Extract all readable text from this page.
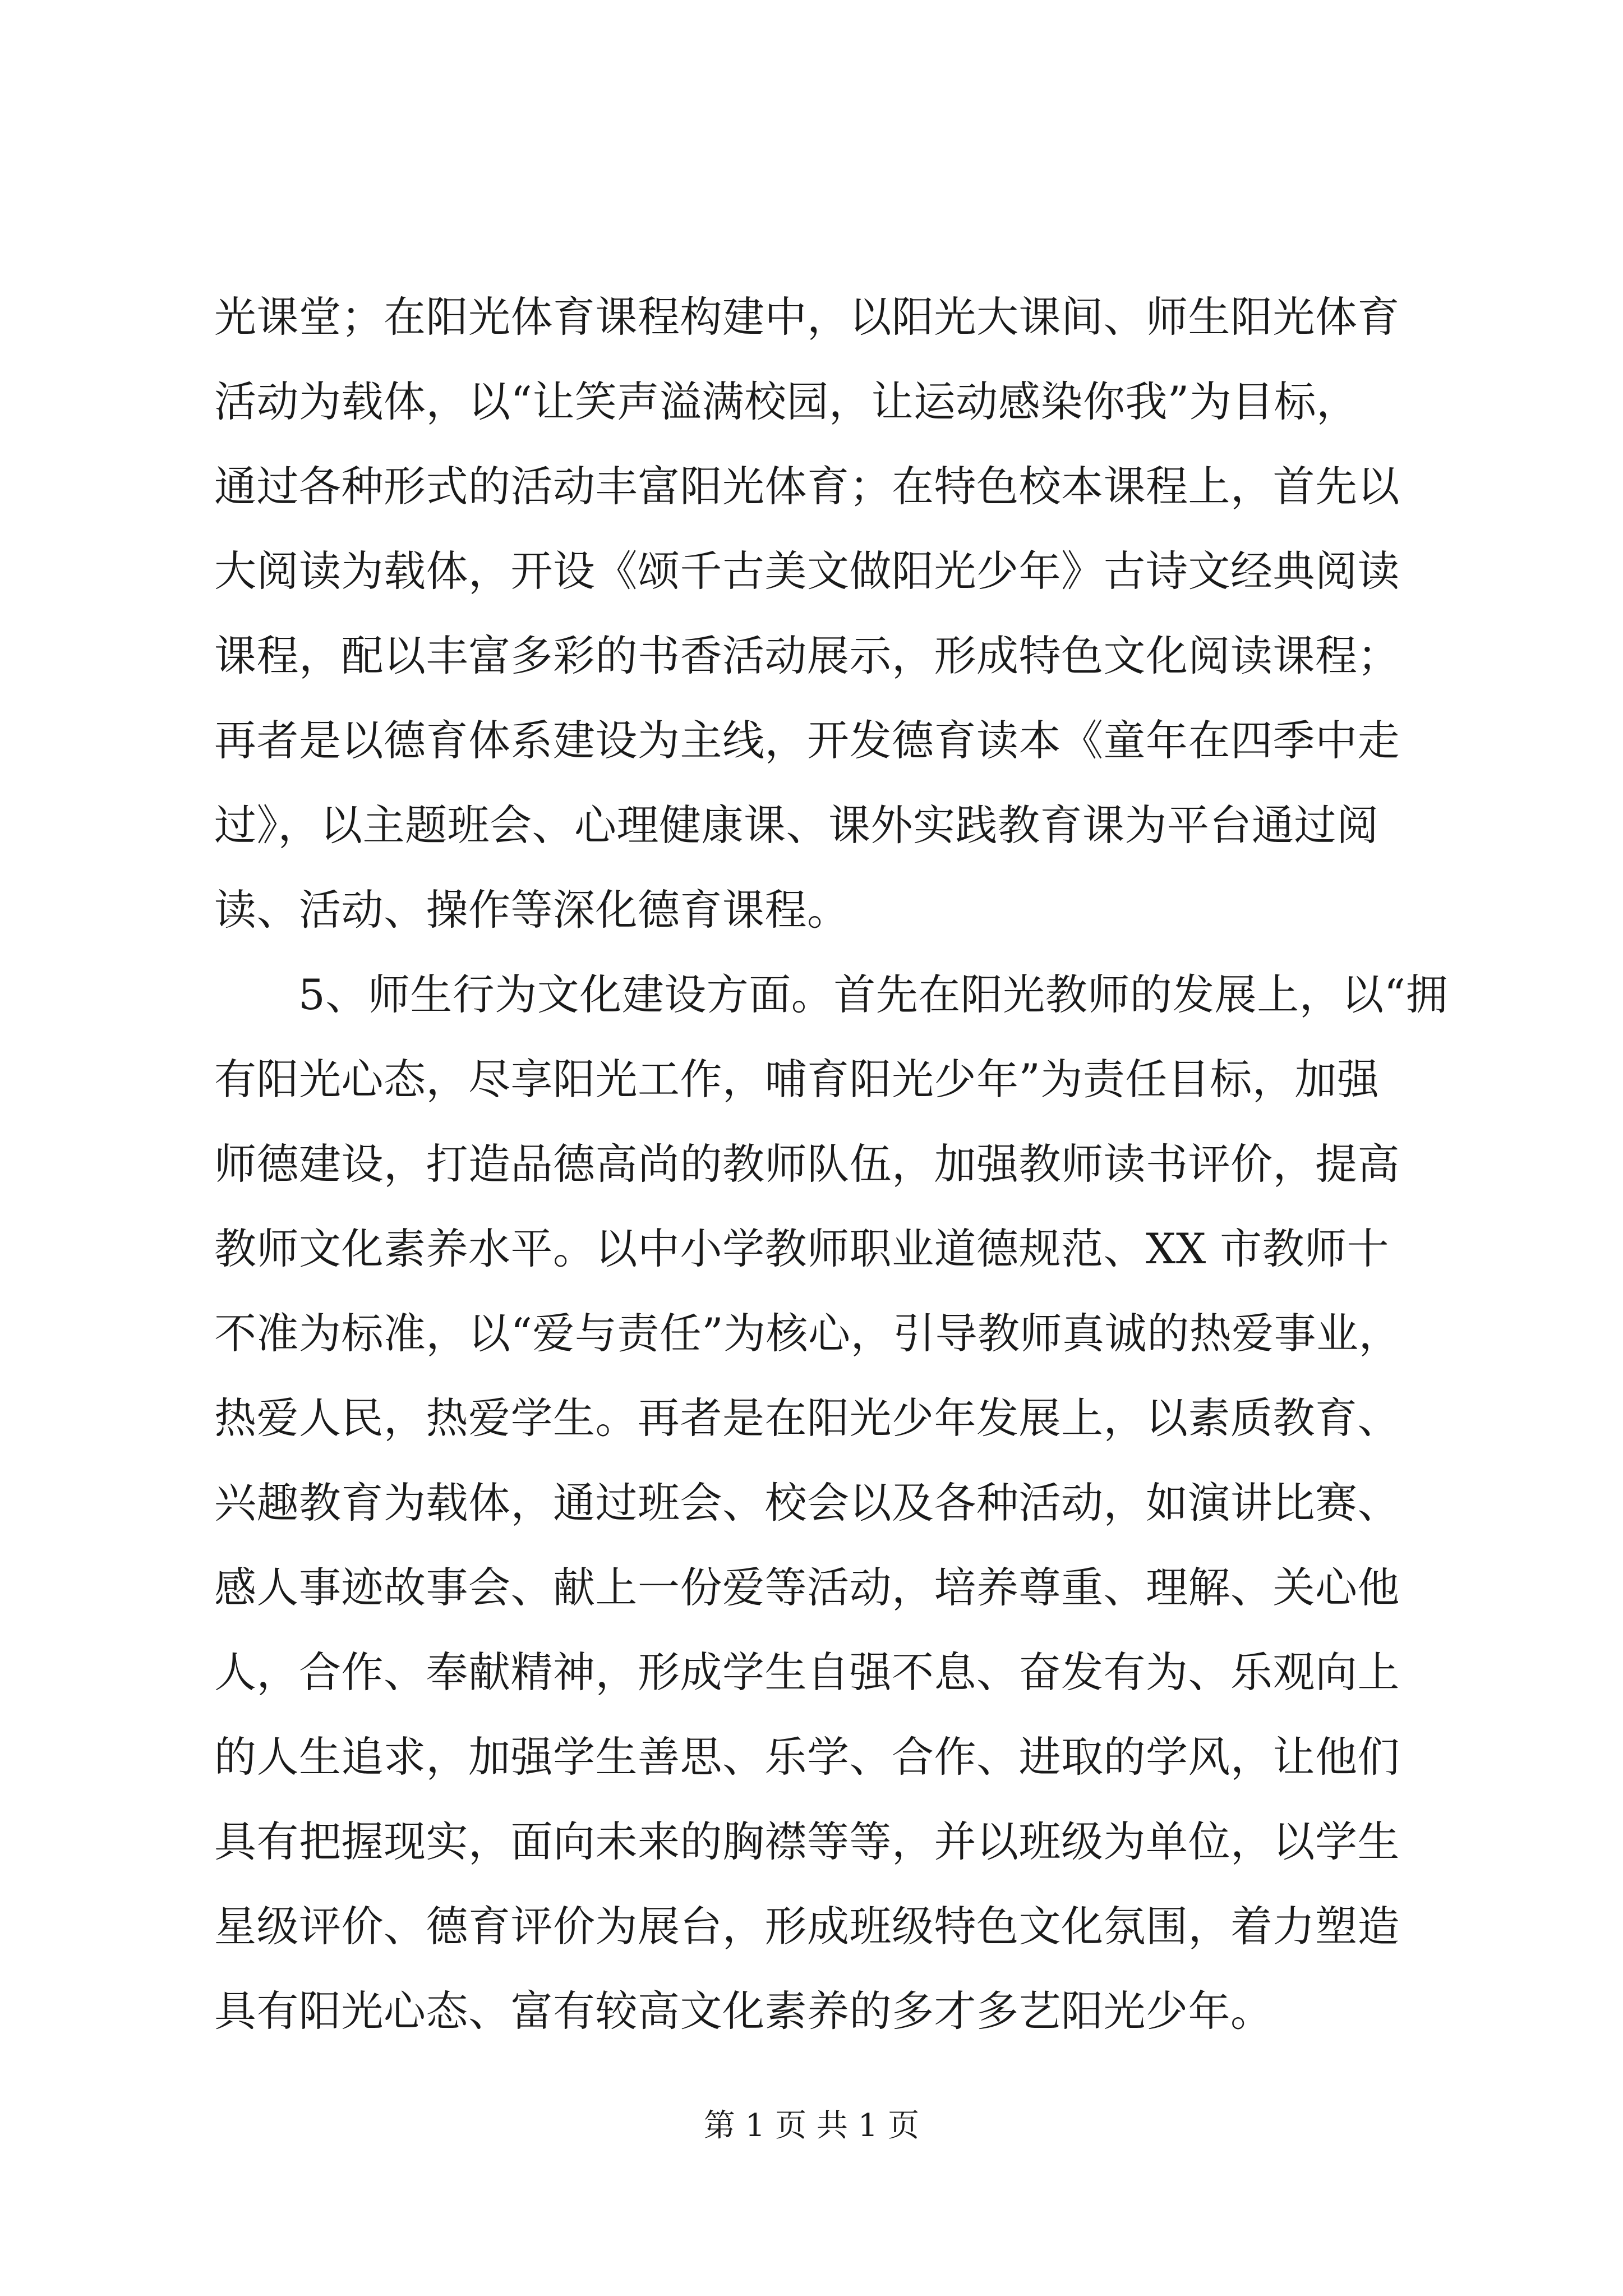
光课堂；在阳光体育课程构建中，以阳光大课间、师生阳光体育
活动为载体，以“让笑声溢满校园，让运动感染你我”为目标，
通过各种形式的活动丰富阳光体育；在特色校本课程上，首先以
大阅读为载体，开设《颂千古美文做阳光少年》古诗文经典阅读
课程，配以丰富多彩的书香活动展示，形成特色文化阅读课程；
再者是以德育体系建设为主线，开发德育读本《童年在四季中走
过》，以主题班会、心理健康课、课外实践教育课为平台通过阅
读、活动、操作等深化德育课程。
5、师生行为文化建设方面。首先在阳光教师的发展上，以“拥
有阳光心态，尽享阳光工作，哺育阳光少年”为责任目标，加强
师德建设，打造品德高尚的教师队伍，加强教师读书评价，提高
教师文化素养水平。以中小学教师职业道德规范、XX 市教师十
不准为标准，以“爱与责任”为核心，引导教师真诚的热爱事业，
热爱人民，热爱学生。再者是在阳光少年发展上，以素质教育、
兴趣教育为载体，通过班会、校会以及各种活动，如演讲比赛、
感人事迹故事会、献上一份爱等活动，培养尊重、理解、关心他
人，合作、奉献精神，形成学生自强不息、奋发有为、乐观向上
的人生追求，加强学生善思、乐学、合作、进取的学风，让他们
具有把握现实，面向未来的胸襟等等，并以班级为单位，以学生
星级评价、德育评价为展台，形成班级特色文化氛围，着力塑造
具有阳光心态、富有较高文化素养的多才多艺阳光少年。
第 1 页 共 1 页
